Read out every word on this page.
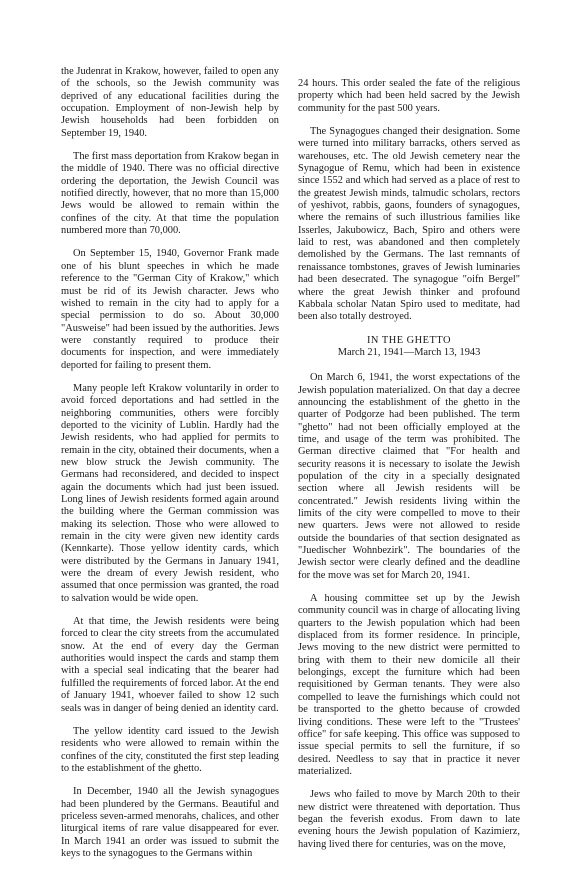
the Judenrat in Krakow, however, failed to open any of the schools, so the Jewish community was deprived of any educational facilities during the occupation. Employment of non-Jewish help by Jewish households had been forbidden on September 19, 1940.

The first mass deportation from Krakow began in the middle of 1940. There was no official directive ordering the deportation, the Jewish Council was notified directly, however, that no more than 15,000 Jews would be allowed to remain within the confines of the city. At that time the population numbered more than 70,000.

On September 15, 1940, Governor Frank made one of his blunt speeches in which he made reference to the "German City of Krakow," which must be rid of its Jewish character. Jews who wished to remain in the city had to apply for a special permission to do so. About 30,000 "Ausweise" had been issued by the authorities. Jews were constantly required to produce their documents for inspection, and were immediately deported for failing to present them.

Many people left Krakow voluntarily in order to avoid forced deportations and had settled in the neighboring communities, others were forcibly deported to the vicinity of Lublin. Hardly had the Jewish residents, who had applied for permits to remain in the city, obtained their documents, when a new blow struck the Jewish community. The Germans had reconsidered, and decided to inspect again the documents which had just been issued. Long lines of Jewish residents formed again around the building where the German commission was making its selection. Those who were allowed to remain in the city were given new identity cards (Kennkarte). Those yellow identity cards, which were distributed by the Germans in January 1941, were the dream of every Jewish resident, who assumed that once permission was granted, the road to salvation would be wide open.

At that time, the Jewish residents were being forced to clear the city streets from the accumulated snow. At the end of every day the German authorities would inspect the cards and stamp them with a special seal indicating that the bearer had fulfilled the requirements of forced labor. At the end of January 1941, whoever failed to show 12 such seals was in danger of being denied an identity card.

The yellow identity card issued to the Jewish residents who were allowed to remain within the confines of the city, constituted the first step leading to the establishment of the ghetto.

In December, 1940 all the Jewish synagogues had been plundered by the Germans. Beautiful and priceless seven-armed menorahs, chalices, and other liturgical items of rare value disappeared for ever. In March 1941 an order was issued to submit the keys to the synagogues to the Germans within

24 hours. This order sealed the fate of the religious property which had been held sacred by the Jewish community for the past 500 years.

The Synagogues changed their designation. Some were turned into military barracks, others served as warehouses, etc. The old Jewish cemetery near the Synagogue of Remu, which had been in existence since 1552 and which had served as a place of rest to the greatest Jewish minds, talmudic scholars, rectors of yeshivot, rabbis, gaons, founders of synagogues, where the remains of such illustrious families like Isserles, Jakubowicz, Bach, Spiro and others were laid to rest, was abandoned and then completely demolished by the Germans. The last remnants of renaissance tombstones, graves of Jewish luminaries had been desecrated. The synagogue "oifn Bergel" where the great Jewish thinker and profound Kabbala scholar Natan Spiro used to meditate, had been also totally destroyed.

IN THE GHETTO
March 21, 1941—March 13, 1943

On March 6, 1941, the worst expectations of the Jewish population materialized. On that day a decree announcing the establishment of the ghetto in the quarter of Podgorze had been published. The term "ghetto" had not been officially employed at the time, and usage of the term was prohibited. The German directive claimed that "For health and security reasons it is necessary to isolate the Jewish population of the city in a specially designated section where all Jewish residents will be concentrated." Jewish residents living within the limits of the city were compelled to move to their new quarters. Jews were not allowed to reside outside the boundaries of that section designated as "Juedischer Wohnbezirk". The boundaries of the Jewish sector were clearly defined and the deadline for the move was set for March 20, 1941.

A housing committee set up by the Jewish community council was in charge of allocating living quarters to the Jewish population which had been displaced from its former residence. In principle, Jews moving to the new district were permitted to bring with them to their new domicile all their belongings, except the furniture which had been requisitioned by German tenants. They were also compelled to leave the furnishings which could not be transported to the ghetto because of crowded living conditions. These were left to the "Trustees' office" for safe keeping. This office was supposed to issue special permits to sell the furniture, if so desired. Needless to say that in practice it never materialized.

Jews who failed to move by March 20th to their new district were threatened with deportation. Thus began the feverish exodus. From dawn to late evening hours the Jewish population of Kazimierz, having lived there for centuries, was on the move,
